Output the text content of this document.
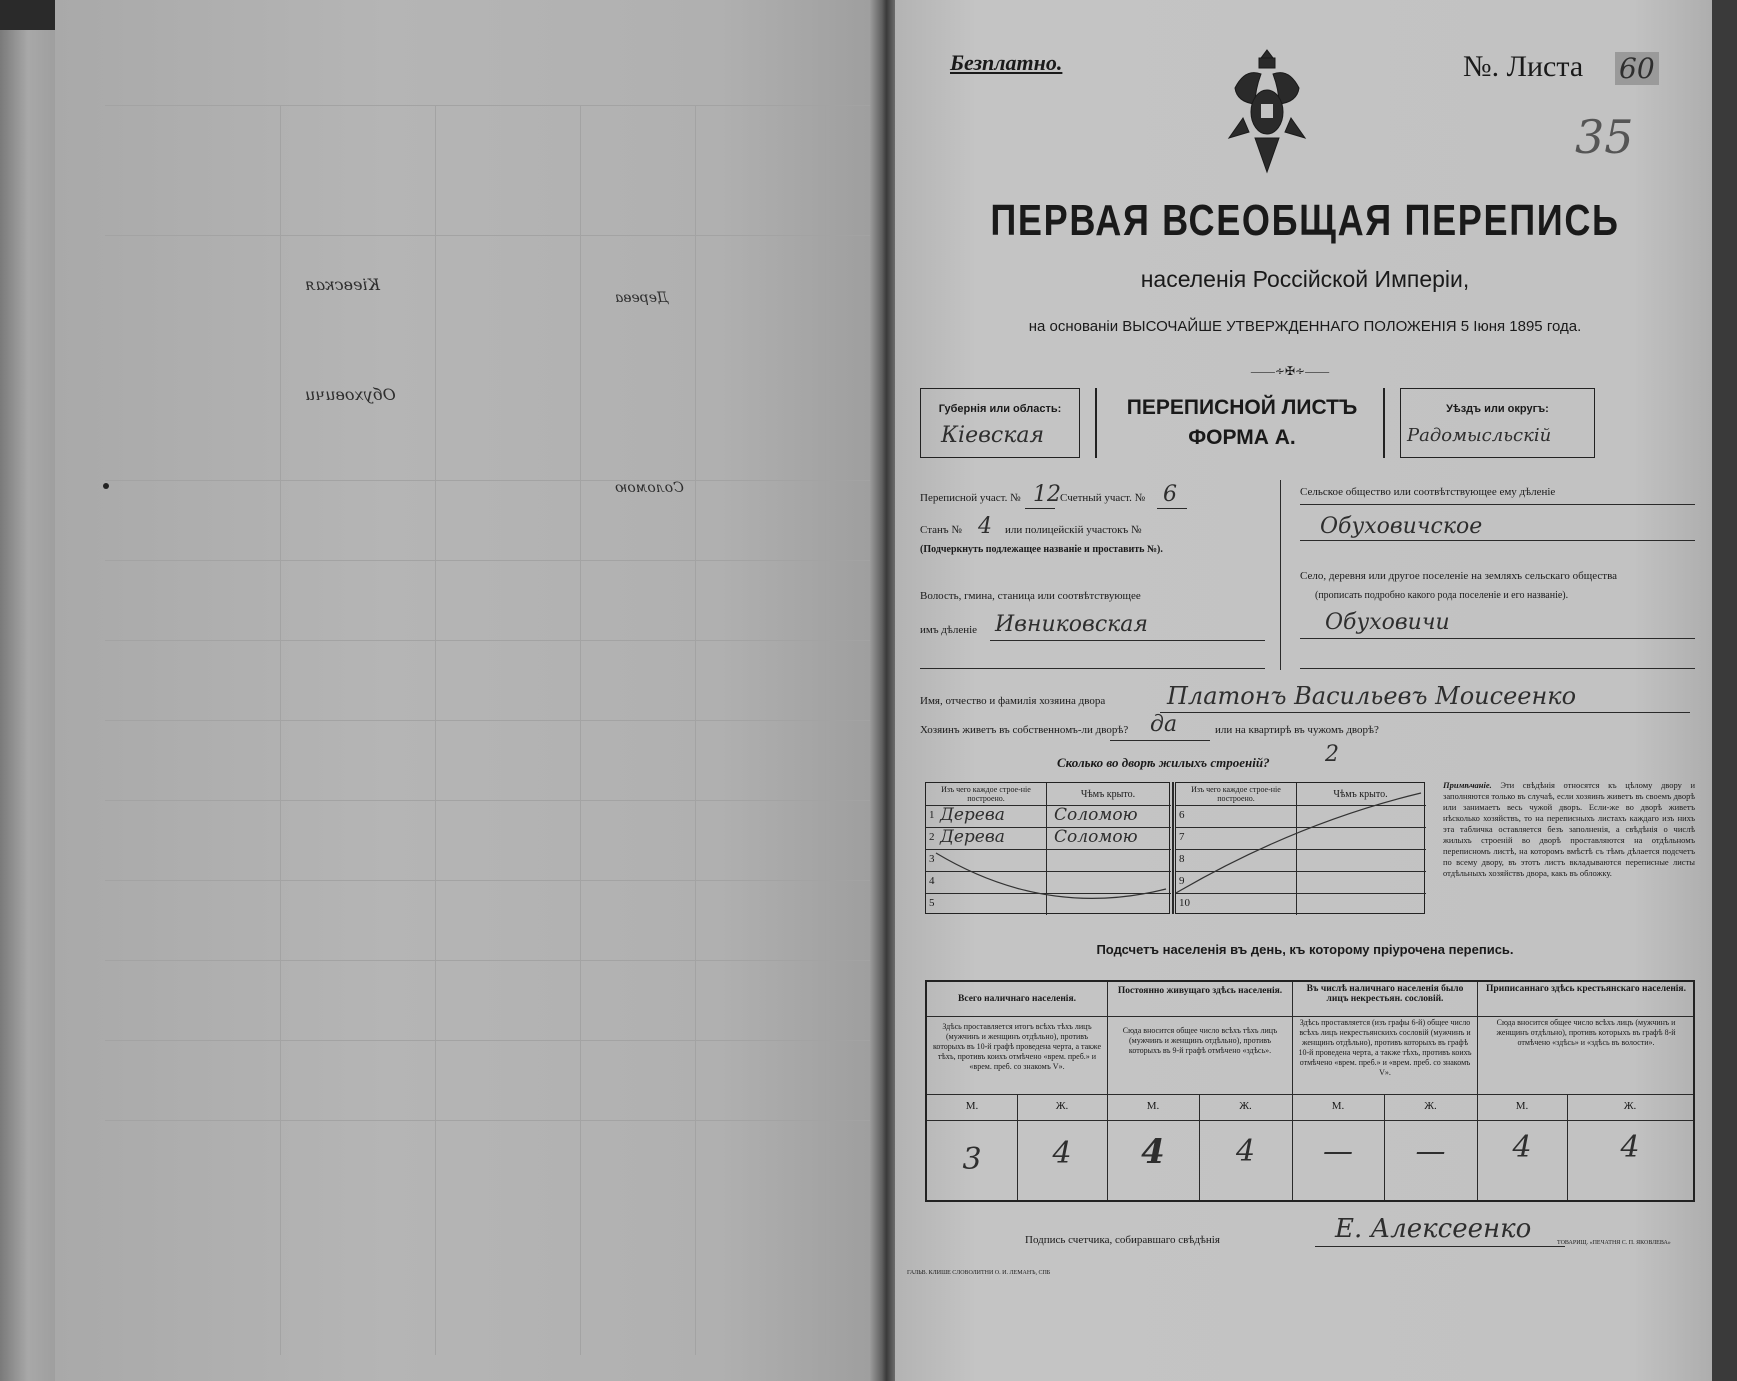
Кіевская
Обуховичи
Дерева
Соломою
Безплатно.	№. Листа 60
35
ПЕРВАЯ ВСЕОБЩАЯ ПЕРЕПИСЬ
населенія Россійской Имперіи,
на основаніи ВЫСОЧАЙШЕ УТВЕРЖДЕННАГО ПОЛОЖЕНІЯ 5 Іюня 1895 года.
——∻✠∻——
Губернія или область:
Кіевская
ПЕРЕПИСНОЙ ЛИСТЪ
ФОРМА А.
Уѣздъ или округъ:
Радомысльскій
Переписной участ. № 12 Счетный участ. № 6
Станъ № 4 или полицейскій участокъ №
(Подчеркнуть подлежащее названіе и проставить №).
Волость, гмина, станица или соотвѣтствующее
имъ дѣленіе Ивниковская
Сельское общество или соотвѣтствующее ему дѣленіе
Обуховичское
Село, деревня или другое поселеніе на земляхъ сельскаго общества
(прописать подробно какого рода поселеніе и его названіе).
Обуховичи
Имя, отчество и фамилія хозяина двора	Платонъ Васильевъ Моисеенко
Хозяинъ живетъ въ собственномъ-ли дворѣ? да	или на квартирѣ въ чужомъ дворѣ?
Сколько во дворѣ жилыхъ строеній?	2
Изъ чего каждое строе-ніе построено.	Чѣмъ крыто.
1 Дерева	Соломою
2 Дерева	Соломою
3
4
5
Изъ чего каждое строе-ніе построено.	Чѣмъ крыто.
6
7
8
9
10
Примѣчаніе. Эти свѣдѣнія относятся къ цѣлому двору и заполняются только въ случаѣ, если хозяинъ живетъ въ своемъ дворѣ или занимаетъ весь чужой дворъ. Если-же во дворѣ живетъ нѣсколько хозяйствъ, то на переписныхъ листахъ каждаго изъ нихъ эта табличка оставляется безъ заполненія, а свѣдѣнія о числѣ жилыхъ строеній во дворѣ проставляются на отдѣльномъ переписномъ листѣ, на которомъ вмѣстѣ съ тѣмъ дѣлается подсчетъ по всему двору, въ этотъ листъ вкладываются переписные листы отдѣльныхъ хозяйствъ двора, какъ въ обложку.
Подсчетъ населенія въ день, къ которому пріурочена перепись.
Всего наличнаго населенія.
Здѣсь проставляется итогъ всѣхъ тѣхъ лицъ (мужчинъ и женщинъ отдѣльно), противъ которыхъ въ 10-й графѣ проведена черта, а также тѣхъ, противъ коихъ отмѣчено «врем. преб.» и «врем. преб. со знакомъ V».
Постоянно живущаго здѣсь населенія.
Сюда вносится общее число всѣхъ тѣхъ лицъ (мужчинъ и женщинъ отдѣльно), противъ которыхъ въ 9-й графѣ отмѣчено «здѣсь».
Въ числѣ наличнаго населенія было лицъ некрестьян. сословій.
Здѣсь проставляется (изъ графы 6-й) общее число всѣхъ лицъ некрестьянскихъ сословій (мужчинъ и женщинъ отдѣльно), противъ которыхъ въ графѣ 10-й проведена черта, а также тѣхъ, противъ коихъ отмѣчено «врем. преб.» и «врем. преб. со знакомъ V».
Приписаннаго здѣсь крестьянскаго населенія.
Сюда вносится общее число всѣхъ лицъ (мужчинъ и женщинъ отдѣльно), противъ которыхъ въ графѣ 8-й отмѣчено «здѣсь» и «здѣсь въ волости».
М.	Ж.	М.	Ж.	М.	Ж.	М.	Ж.
3	4	4	4	—	—	4	4
Подпись счетчика, собиравшаго свѣдѣнія	Е. Алексеенко
ГАЛЬВ. КЛИШЕ СЛОВОЛИТНИ О. И. ЛЕМАНЪ, СПБ
ТОВАРИЩ. «ПЕЧАТНЯ С. П. ЯКОВЛЕВА»
